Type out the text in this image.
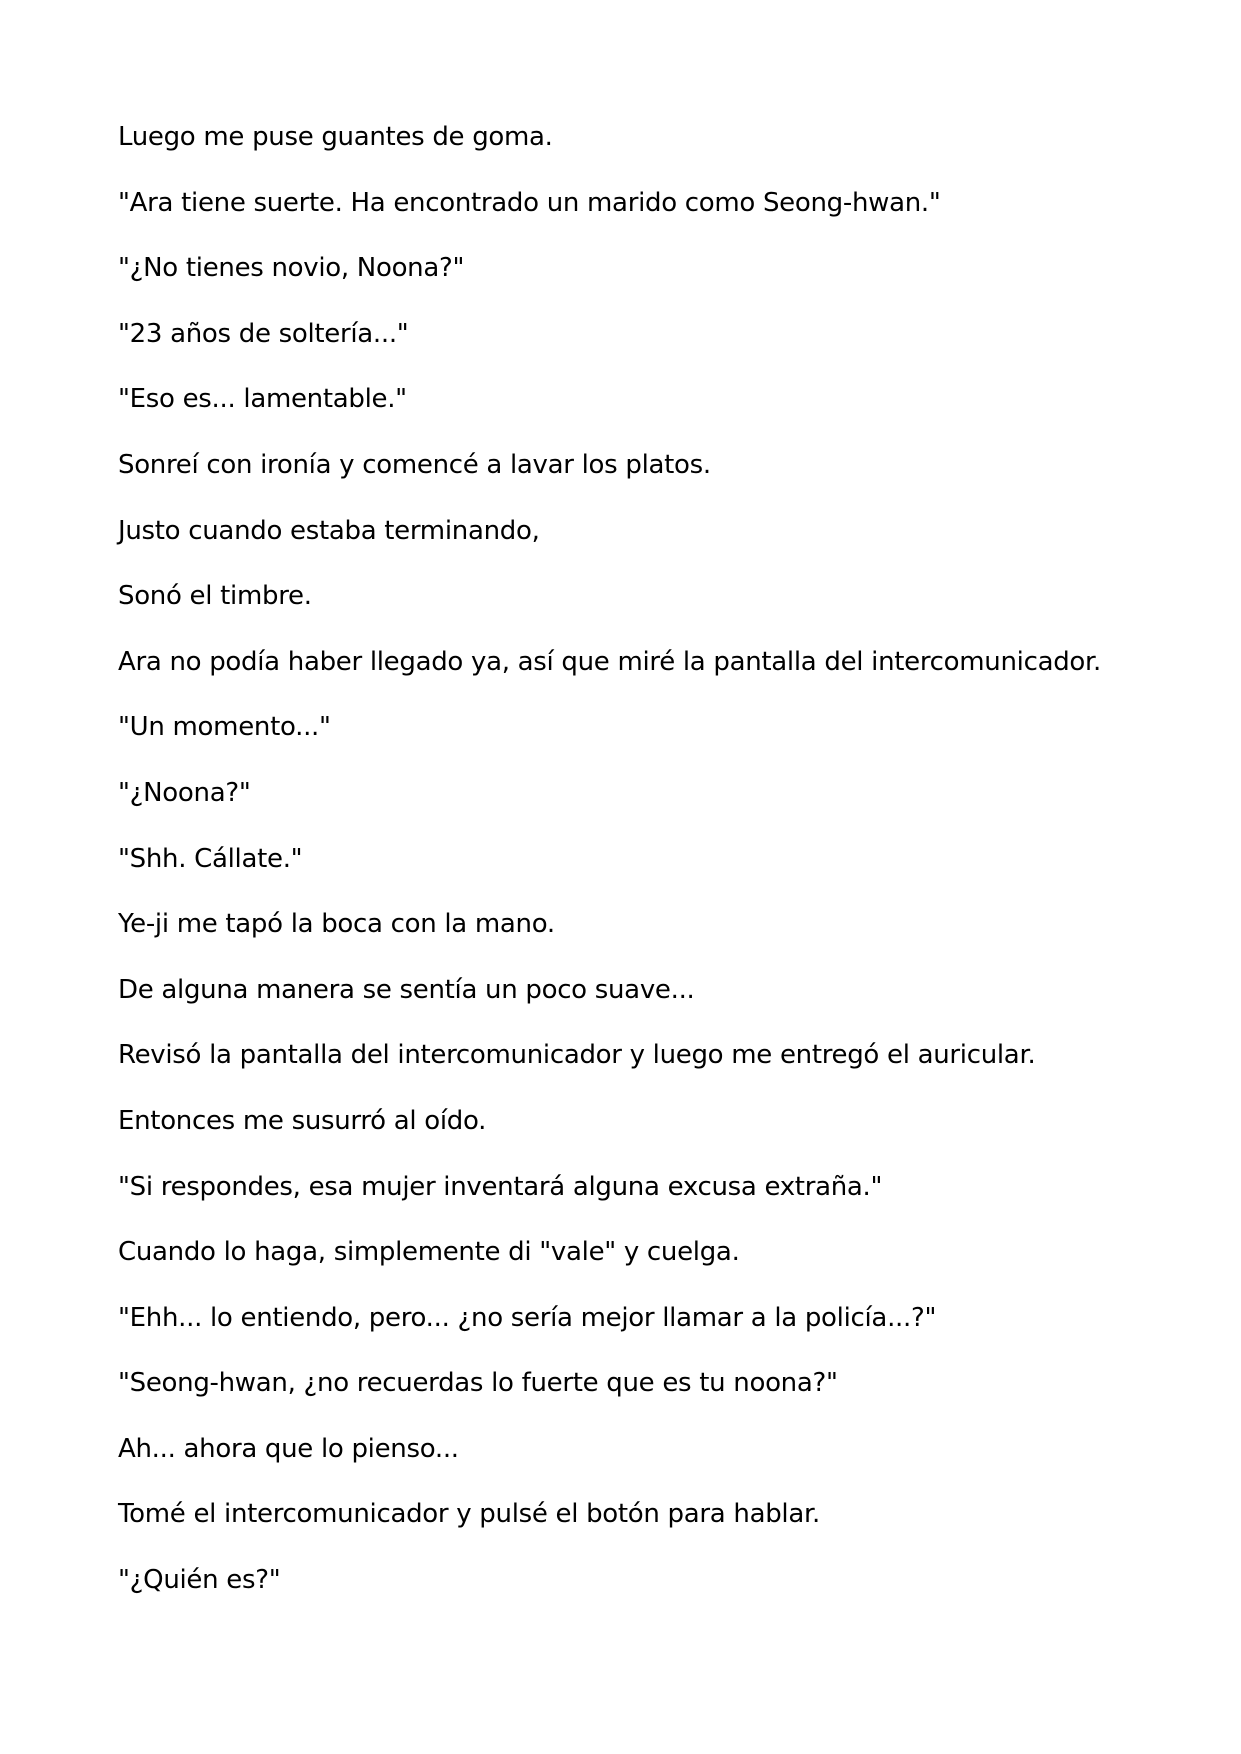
Luego me puse guantes de goma.

"Ara tiene suerte. Ha encontrado un marido como Seong-hwan."

"¿No tienes novio, Noona?"

"23 años de soltería..."

"Eso es... lamentable."

Sonreí con ironía y comencé a lavar los platos.

Justo cuando estaba terminando,

Sonó el timbre.

Ara no podía haber llegado ya, así que miré la pantalla del intercomunicador.

"Un momento..."

"¿Noona?"

"Shh. Cállate."

Ye-ji me tapó la boca con la mano.

De alguna manera se sentía un poco suave...

Revisó la pantalla del intercomunicador y luego me entregó el auricular.

Entonces me susurró al oído.

"Si respondes, esa mujer inventará alguna excusa extraña."

Cuando lo haga, simplemente di "vale" y cuelga.

"Ehh... lo entiendo, pero... ¿no sería mejor llamar a la policía...?"

"Seong-hwan, ¿no recuerdas lo fuerte que es tu noona?"

Ah... ahora que lo pienso...

Tomé el intercomunicador y pulsé el botón para hablar.

"¿Quién es?"
